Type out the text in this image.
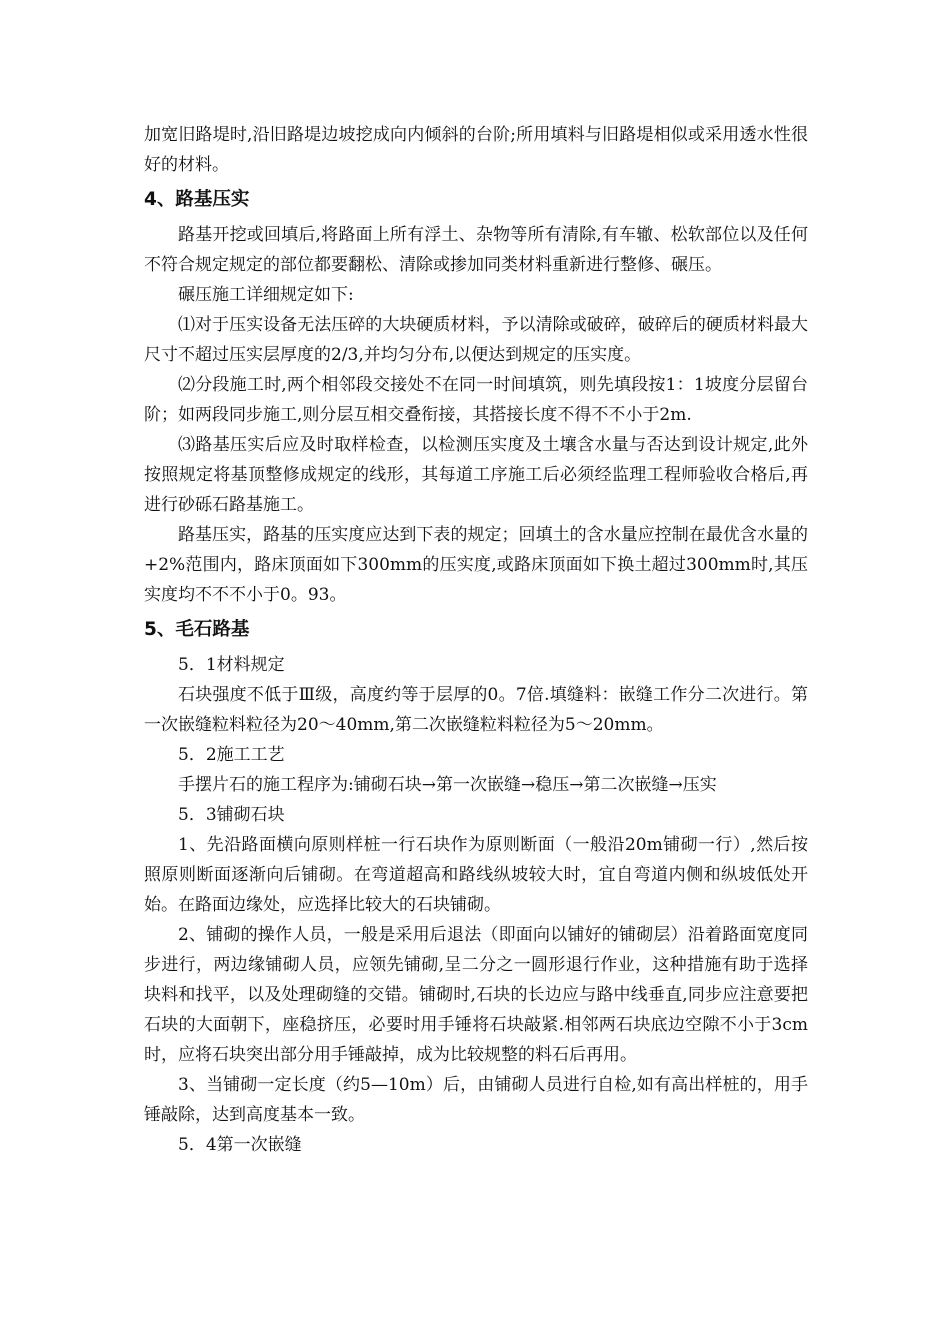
加宽旧路堤时,沿旧路堤边坡挖成向内倾斜的台阶;所用填料与旧路堤相似或采用透水性很好的材料。
4、路基压实
路基开挖或回填后,将路面上所有浮土、杂物等所有清除,有车辙、松软部位以及任何不符合规定规定的部位都要翻松、清除或掺加同类材料重新进行整修、碾压。
碾压施工详细规定如下:
⑴对于压实设备无法压碎的大块硬质材料，予以清除或破碎，破碎后的硬质材料最大尺寸不超过压实层厚度的2/3,并均匀分布,以便达到规定的压实度。
⑵分段施工时,两个相邻段交接处不在同一时间填筑，则先填段按1：1坡度分层留台阶；如两段同步施工,则分层互相交叠衔接，其搭接长度不得不不小于2m.
⑶路基压实后应及时取样检查，以检测压实度及土壤含水量与否达到设计规定,此外按照规定将基顶整修成规定的线形，其每道工序施工后必须经监理工程师验收合格后,再进行砂砾石路基施工。
路基压实，路基的压实度应达到下表的规定；回填土的含水量应控制在最优含水量的+2%范围内，路床顶面如下300mm的压实度,或路床顶面如下换土超过300mm时,其压实度均不不不小于0。93。
5、毛石路基
5．1材料规定
石块强度不低于Ⅲ级，高度约等于层厚的0。7倍.填缝料：嵌缝工作分二次进行。第一次嵌缝粒料粒径为20～40mm,第二次嵌缝粒料粒径为5～20mm。
5．2施工工艺
手摆片石的施工程序为:铺砌石块→第一次嵌缝→稳压→第二次嵌缝→压实
5．3铺砌石块
1、先沿路面横向原则样桩一行石块作为原则断面（一般沿20m铺砌一行）,然后按照原则断面逐渐向后铺砌。在弯道超高和路线纵坡较大时，宜自弯道内侧和纵坡低处开始。在路面边缘处，应选择比较大的石块铺砌。
2、铺砌的操作人员，一般是采用后退法（即面向以铺好的铺砌层）沿着路面宽度同步进行，两边缘铺砌人员，应领先铺砌,呈二分之一圆形退行作业，这种措施有助于选择块料和找平，以及处理砌缝的交错。铺砌时,石块的长边应与路中线垂直,同步应注意要把石块的大面朝下，座稳挤压，必要时用手锤将石块敲紧.相邻两石块底边空隙不小于3cm时，应将石块突出部分用手锤敲掉，成为比较规整的料石后再用。
3、当铺砌一定长度（约5—10m）后，由铺砌人员进行自检,如有高出样桩的，用手锤敲除，达到高度基本一致。
5．4第一次嵌缝
